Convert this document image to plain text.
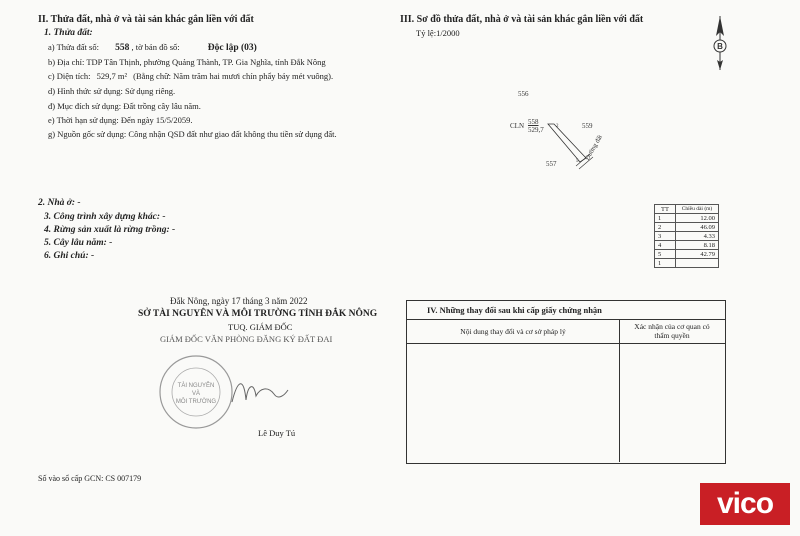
II. Thửa đất, nhà ở và tài sản khác gắn liền với đất
1. Thửa đất:
a) Thửa đất số: 558 , tờ bản đồ số:	Độc lập (03)
b) Địa chỉ: TDP Tân Thịnh, phường Quảng Thành, TP. Gia Nghĩa, tỉnh Đắk Nông
c) Diện tích: 529,7 m² (Bằng chữ: Năm trăm hai mươi chín phẩy bảy mét vuông).
d) Hình thức sử dụng: Sử dụng riêng.
đ) Mục đích sử dụng: Đất trồng cây lâu năm.
e) Thời hạn sử dụng: Đến ngày 15/5/2059.
g) Nguồn gốc sử dụng: Công nhận QSD đất như giao đất không thu tiền sử dụng đất.
2. Nhà ở: -
3. Công trình xây dựng khác: -
4. Rừng sản xuất là rừng trồng: -
5. Cây lâu năm: -
6. Ghi chú: -
III. Sơ đồ thửa đất, nhà ở và tài sản khác gắn liền với đất
Tỷ lệ:1/2000
B
556
CLN 558
529,7	559
557
2
5 Đường đất
TT	Chiều dài (m)
1	12.00
2	46.09
3	4.33
4	8.18
5	42.79
1	
Đắk Nông, ngày 17 tháng 3 năm 2022
SỞ TÀI NGUYÊN VÀ MÔI TRƯỜNG TỈNH ĐẮK NÔNG
TUQ. GIÁM ĐỐC
GIÁM ĐỐC VĂN PHÒNG ĐĂNG KÝ ĐẤT ĐAI
TÀI NGUYÊN
VÀ
MÔI TRƯỜNG
Lê Duy Tú
IV. Những thay đổi sau khi cấp giấy chứng nhận
Nội dung thay đổi và cơ sở pháp lý	Xác nhận của cơ quan có thẩm quyền
Số vào sổ cấp GCN: CS 007179
vico
